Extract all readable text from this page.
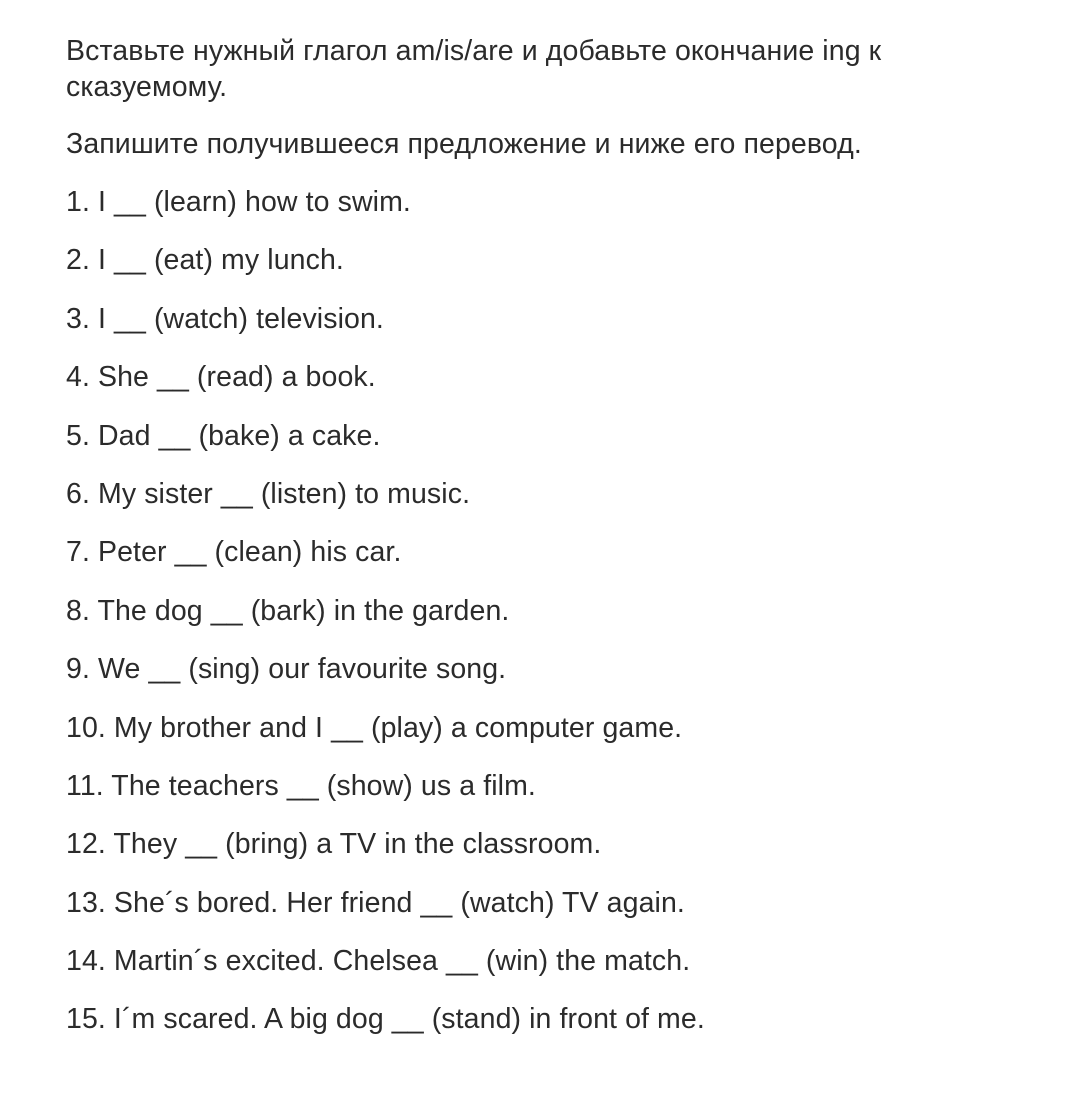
Вставьте нужный глагол am/is/are и добавьте окончание ing к сказуемому.

Запишите получившееся предложение и ниже его перевод.

1. I __ (learn) how to swim.
2. I __ (eat) my lunch.
3. I __ (watch) television.
4. She __ (read) a book.
5. Dad __ (bake) a cake.
6. My sister __ (listen) to music.
7. Peter __ (clean) his car.
8. The dog __ (bark) in the garden.
9. We __ (sing) our favourite song.
10. My brother and I __ (play) a computer game.
11. The teachers __ (show) us a film.
12. They __ (bring) a TV in the classroom.
13. She´s bored. Her friend __ (watch) TV again.
14. Martin´s excited. Chelsea __ (win) the match.
15. I´m scared. A big dog __ (stand) in front of me.
